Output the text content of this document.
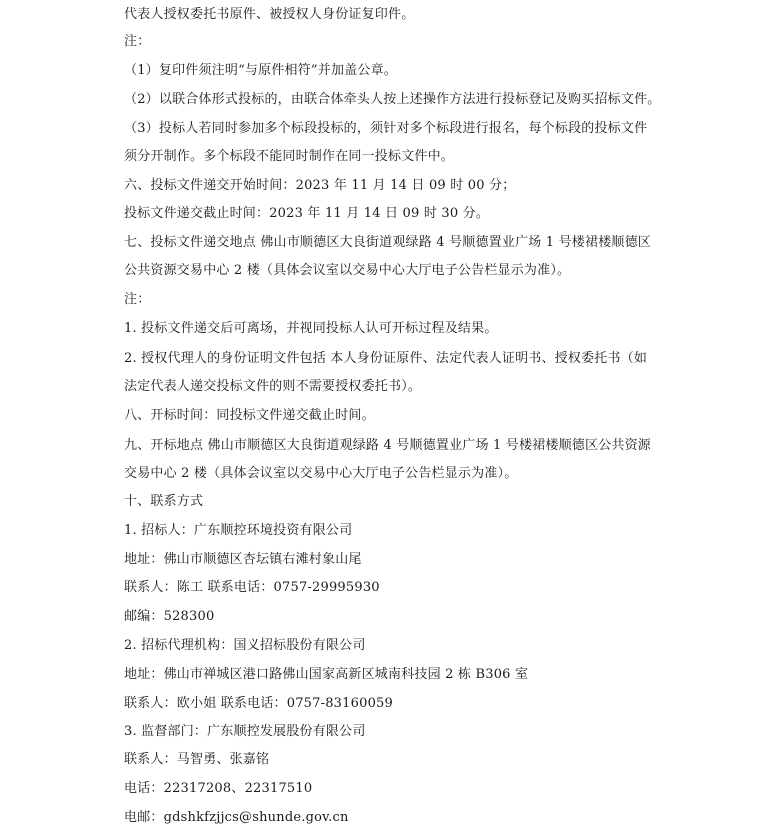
代表人授权委托书原件、被授权人身份证复印件。
注：
（1）复印件须注明“与原件相符”并加盖公章。
（2）以联合体形式投标的，由联合体牵头人按上述操作方法进行投标登记及购买招标文件。
（3）投标人若同时参加多个标段投标的，须针对多个标段进行报名，每个标段的投标文件
须分开制作。多个标段不能同时制作在同一投标文件中。
六、投标文件递交开始时间：2023 年 11 月 14 日 09 时 00 分；
投标文件递交截止时间：2023 年 11 月 14 日 09 时 30 分。
七、投标文件递交地点 佛山市顺德区大良街道观绿路 4 号顺德置业广场 1 号楼裙楼顺德区
公共资源交易中心 2 楼（具体会议室以交易中心大厅电子公告栏显示为准）。
注：
1. 投标文件递交后可离场，并视同投标人认可开标过程及结果。
2. 授权代理人的身份证明文件包括 本人身份证原件、法定代表人证明书、授权委托书（如
法定代表人递交投标文件的则不需要授权委托书）。
八、开标时间：同投标文件递交截止时间。
九、开标地点 佛山市顺德区大良街道观绿路 4 号顺德置业广场 1 号楼裙楼顺德区公共资源
交易中心 2 楼（具体会议室以交易中心大厅电子公告栏显示为准）。
十、联系方式
1. 招标人：广东顺控环境投资有限公司
地址：佛山市顺德区杏坛镇右滩村象山尾
联系人：陈工 联系电话：0757-29995930
邮编：528300
2. 招标代理机构：国义招标股份有限公司
地址：佛山市禅城区港口路佛山国家高新区城南科技园 2 栋 B306 室
联系人：欧小姐 联系电话：0757-83160059
3. 监督部门：广东顺控发展股份有限公司
联系人：马智勇、张嘉铭
电话：22317208、22317510
电邮：gdshkfzjjcs@shunde.gov.cn
